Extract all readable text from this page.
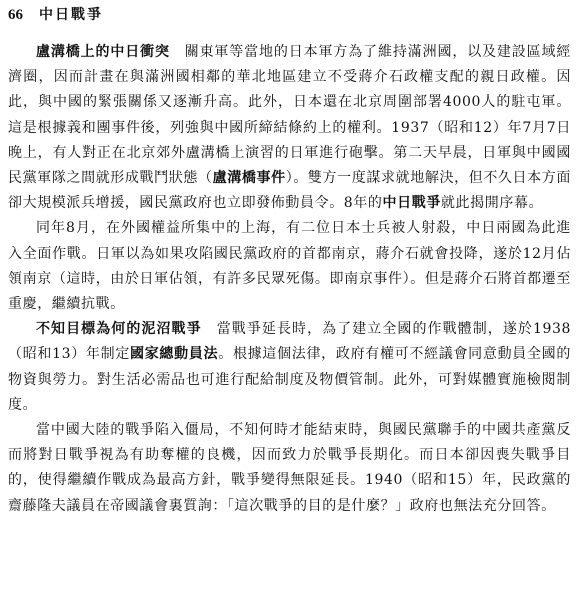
66 中日戰爭

盧溝橋上的中日衝突　關東軍等當地的日本軍方為了維持滿洲國，以及建設區域經濟圈，因而計畫在與滿洲國相鄰的華北地區建立不受蔣介石政權支配的親日政權。因此，與中國的緊張關係又逐漸升高。此外，日本還在北京周圍部署4000人的駐屯軍。這是根據義和團事件後，列強與中國所締結條約上的權利。1937（昭和12）年7月7日晚上，有人對正在北京郊外盧溝橋上演習的日軍進行砲擊。第二天早晨，日軍與中國國民黨軍隊之間就形成戰鬥狀態（盧溝橋事件）。雙方一度謀求就地解決，但不久日本方面卻大規模派兵增援，國民黨政府也立即發佈動員令。8年的中日戰爭就此揭開序幕。

同年8月，在外國權益所集中的上海，有二位日本士兵被人射殺，中日兩國為此進入全面作戰。日軍以為如果攻陷國民黨政府的首都南京，蔣介石就會投降，遂於12月佔領南京（這時，由於日軍佔領，有許多民眾死傷。即南京事件）。但是蔣介石將首都遷至重慶，繼續抗戰。

不知目標為何的泥沼戰爭　當戰爭延長時，為了建立全國的作戰體制，遂於1938（昭和13）年制定國家總動員法。根據這個法律，政府有權可不經議會同意動員全國的物資與勞力。對生活必需品也可進行配給制度及物價管制。此外，可對媒體實施檢閱制度。

當中國大陸的戰爭陷入僵局，不知何時才能結束時，與國民黨聯手的中國共產黨反而將對日戰爭視為有助奪權的良機，因而致力於戰爭長期化。而日本卻因喪失戰爭目的，使得繼續作戰成為最高方針，戰爭變得無限延長。1940（昭和15）年，民政黨的齋藤隆夫議員在帝國議會裏質詢：「這次戰爭的目的是什麼？」政府也無法充分回答。
